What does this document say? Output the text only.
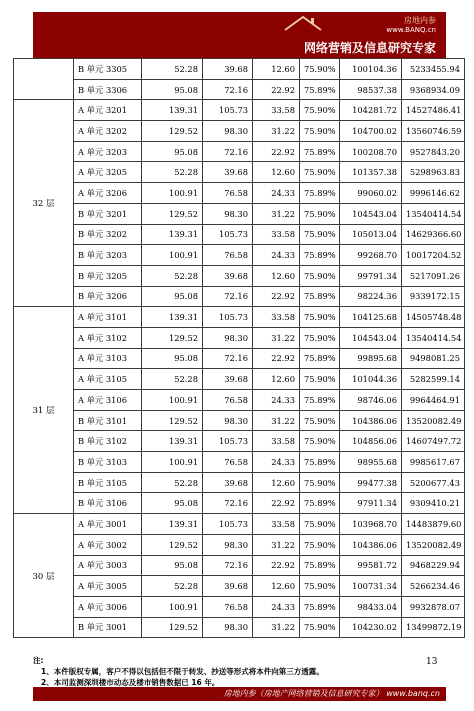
房地内参
www.BANQ.cn
网络营销及信息研究专家
	B 单元 3305	52.28	39.68	12.60	75.90%	100104.36	5233455.94
	B 单元 3306	95.08	72.16	22.92	75.89%	98537.38	9368934.09
32 层	A 单元 3201	139.31	105.73	33.58	75.90%	104281.72	14527486.41
	A 单元 3202	129.52	98.30	31.22	75.90%	104700.02	13560746.59
	A 单元 3203	95.08	72.16	22.92	75.89%	100208.70	9527843.20
	A 单元 3205	52.28	39.68	12.60	75.90%	101357.38	5298963.83
	A 单元 3206	100.91	76.58	24.33	75.89%	99060.02	9996146.62
	B 单元 3201	129.52	98.30	31.22	75.90%	104543.04	13540414.54
	B 单元 3202	139.31	105.73	33.58	75.90%	105013.04	14629366.60
	B 单元 3203	100.91	76.58	24.33	75.89%	99268.70	10017204.52
	B 单元 3205	52.28	39.68	12.60	75.90%	99791.34	5217091.26
	B 单元 3206	95.08	72.16	22.92	75.89%	98224.36	9339172.15
31 层	A 单元 3101	139.31	105.73	33.58	75.90%	104125.68	14505748.48
	A 单元 3102	129.52	98.30	31.22	75.90%	104543.04	13540414.54
	A 单元 3103	95.08	72.16	22.92	75.89%	99895.68	9498081.25
	A 单元 3105	52.28	39.68	12.60	75.90%	101044.36	5282599.14
	A 单元 3106	100.91	76.58	24.33	75.89%	98746.06	9964464.91
	B 单元 3101	129.52	98.30	31.22	75.90%	104386.06	13520082.49
	B 单元 3102	139.31	105.73	33.58	75.90%	104856.06	14607497.72
	B 单元 3103	100.91	76.58	24.33	75.89%	98955.68	9985617.67
	B 单元 3105	52.28	39.68	12.60	75.90%	99477.38	5200677.43
	B 单元 3106	95.08	72.16	22.92	75.89%	97911.34	9309410.21
30 层	A 单元 3001	139.31	105.73	33.58	75.90%	103968.70	14483879.60
	A 单元 3002	129.52	98.30	31.22	75.90%	104386.06	13520082.49
	A 单元 3003	95.08	72.16	22.92	75.89%	99581.72	9468229.94
	A 单元 3005	52.28	39.68	12.60	75.90%	100731.34	5266234.46
	A 单元 3006	100.91	76.58	24.33	75.89%	98433.04	9932878.07
	B 单元 3001	129.52	98.30	31.22	75.90%	104230.02	13499872.19
注:
1、本件版权专属，客户不得以包括但不限于转发、抄送等形式将本件向第三方透露。
2、本司监测深圳楼市动态及楼市销售数据已 16 年。
13
房地内参（房地产网络营销及信息研究专家） www.banq.cn
